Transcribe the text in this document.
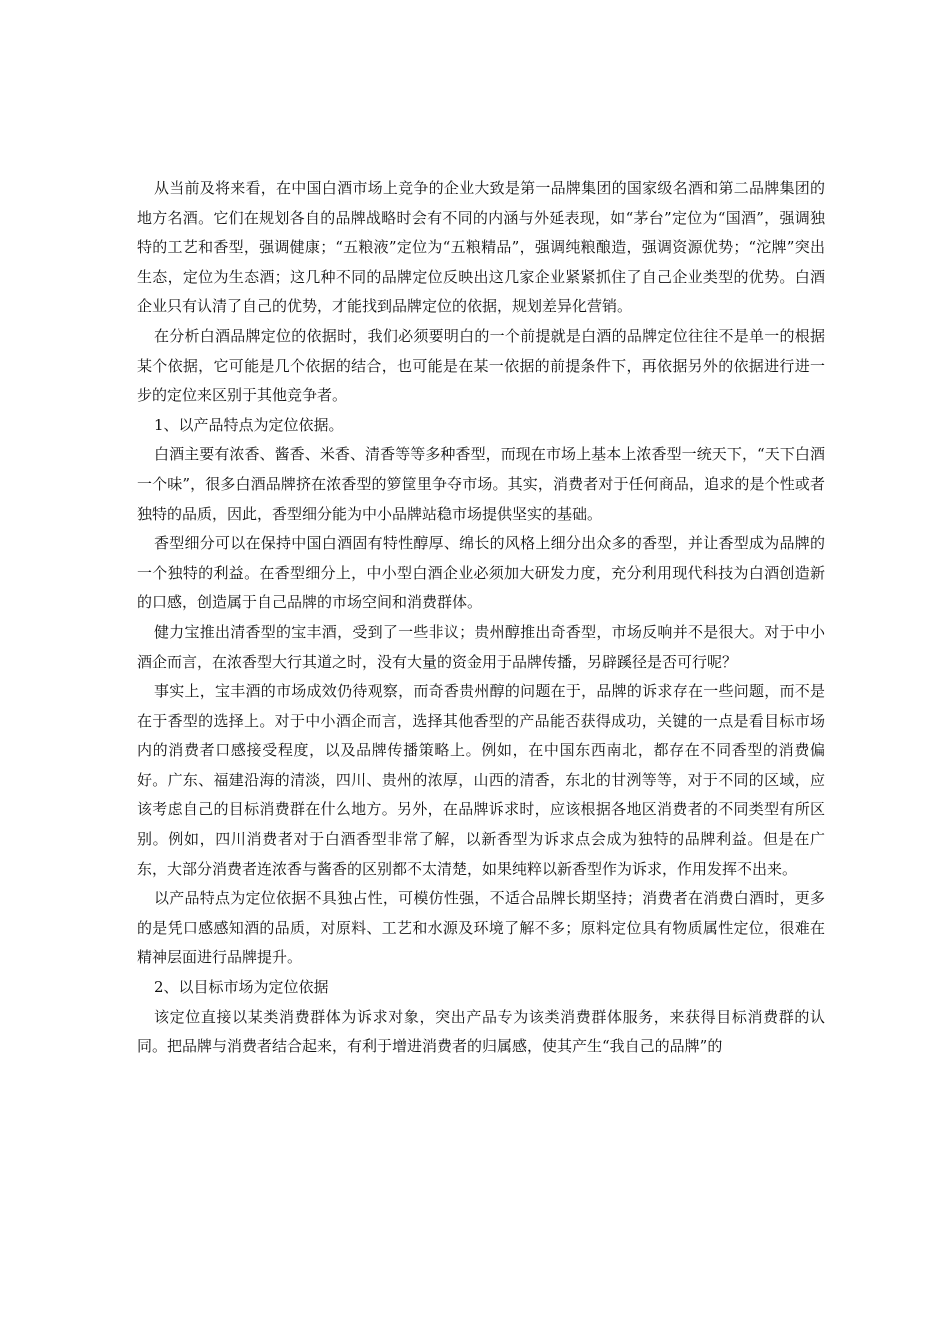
从当前及将来看，在中国白酒市场上竞争的企业大致是第一品牌集团的国家级名酒和第二品牌集团的地方名酒。它们在规划各自的品牌战略时会有不同的内涵与外延表现，如“茅台”定位为“国酒”，强调独特的工艺和香型，强调健康；“五粮液”定位为“五粮精品”，强调纯粮酿造，强调资源优势；“沱牌”突出生态，定位为生态酒；这几种不同的品牌定位反映出这几家企业紧紧抓住了自己企业类型的优势。白酒企业只有认清了自己的优势，才能找到品牌定位的依据，规划差异化营销。

在分析白酒品牌定位的依据时，我们必须要明白的一个前提就是白酒的品牌定位往往不是单一的根据某个依据，它可能是几个依据的结合，也可能是在某一依据的前提条件下，再依据另外的依据进行进一步的定位来区别于其他竞争者。

1、以产品特点为定位依据。

白酒主要有浓香、酱香、米香、清香等等多种香型，而现在市场上基本上浓香型一统天下，“天下白酒一个味”，很多白酒品牌挤在浓香型的箩筐里争夺市场。其实，消费者对于任何商品，追求的是个性或者独特的品质，因此，香型细分能为中小品牌站稳市场提供坚实的基础。

香型细分可以在保持中国白酒固有特性醇厚、绵长的风格上细分出众多的香型，并让香型成为品牌的一个独特的利益。在香型细分上，中小型白酒企业必须加大研发力度，充分利用现代科技为白酒创造新的口感，创造属于自己品牌的市场空间和消费群体。

健力宝推出清香型的宝丰酒，受到了一些非议；贵州醇推出奇香型，市场反响并不是很大。对于中小酒企而言，在浓香型大行其道之时，没有大量的资金用于品牌传播，另辟蹊径是否可行呢？

事实上，宝丰酒的市场成效仍待观察，而奇香贵州醇的问题在于，品牌的诉求存在一些问题，而不是在于香型的选择上。对于中小酒企而言，选择其他香型的产品能否获得成功，关键的一点是看目标市场内的消费者口感接受程度，以及品牌传播策略上。例如，在中国东西南北，都存在不同香型的消费偏好。广东、福建沿海的清淡，四川、贵州的浓厚，山西的清香，东北的甘洌等等，对于不同的区域，应该考虑自己的目标消费群在什么地方。另外，在品牌诉求时，应该根据各地区消费者的不同类型有所区别。例如，四川消费者对于白酒香型非常了解，以新香型为诉求点会成为独特的品牌利益。但是在广东，大部分消费者连浓香与酱香的区别都不太清楚，如果纯粹以新香型作为诉求，作用发挥不出来。

以产品特点为定位依据不具独占性，可模仿性强，不适合品牌长期坚持；消费者在消费白酒时，更多的是凭口感感知酒的品质，对原料、工艺和水源及环境了解不多；原料定位具有物质属性定位，很难在精神层面进行品牌提升。

2、以目标市场为定位依据

该定位直接以某类消费群体为诉求对象，突出产品专为该类消费群体服务，来获得目标消费群的认同。把品牌与消费者结合起来，有利于增进消费者的归属感，使其产生“我自己的品牌”的
